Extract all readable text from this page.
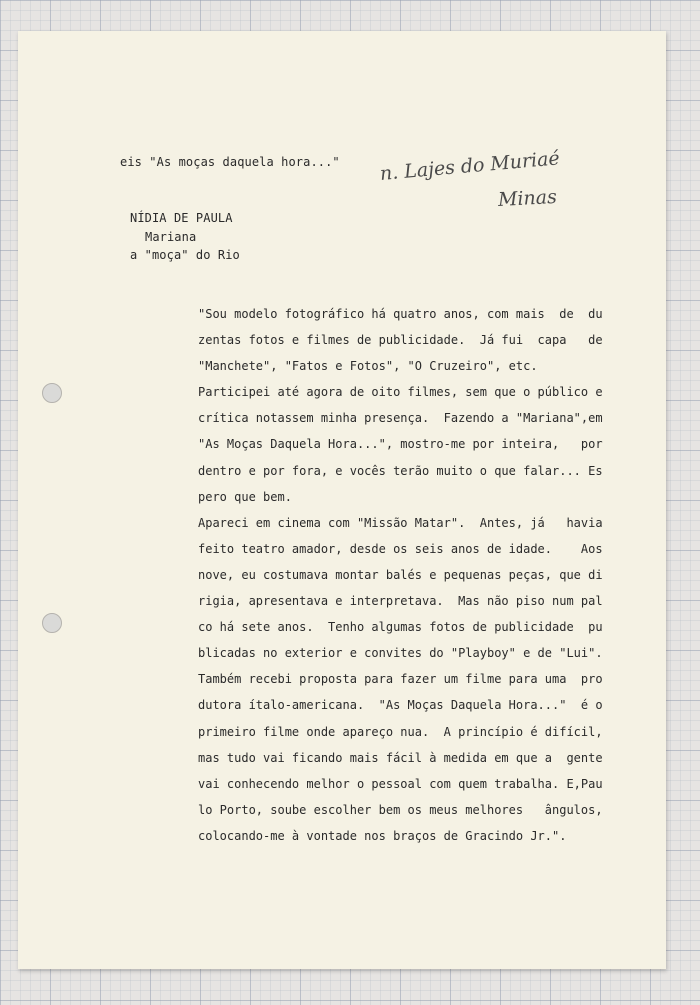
eis "As moças daquela hora..." n. Lajes do Muriaé

Minas

NÍDIA DE PAULA

Mariana

a "moça" do Rio

"Sou modelo fotográfico há quatro anos, com mais  de  du
zentas fotos e filmes de publicidade.  Já fui  capa   de
"Manchete", "Fatos e Fotos", "O Cruzeiro", etc.
Participei até agora de oito filmes, sem que o público e
crítica notassem minha presença.  Fazendo a "Mariana",em
"As Moças Daquela Hora...", mostro-me por inteira,   por
dentro e por fora, e vocês terão muito o que falar... Es
pero que bem.
Apareci em cinema com "Missão Matar".  Antes, já   havia
feito teatro amador, desde os seis anos de idade.    Aos
nove, eu costumava montar balés e pequenas peças, que di
rigia, apresentava e interpretava.  Mas não piso num pal
co há sete anos.  Tenho algumas fotos de publicidade  pu
blicadas no exterior e convites do "Playboy" e de "Lui".
Também recebi proposta para fazer um filme para uma  pro
dutora ítalo-americana.  "As Moças Daquela Hora..."  é o
primeiro filme onde apareço nua.  A princípio é difícil,
mas tudo vai ficando mais fácil à medida em que a  gente
vai conhecendo melhor o pessoal com quem trabalha. E,Pau
lo Porto, soube escolher bem os meus melhores   ângulos,
colocando-me à vontade nos braços de Gracindo Jr.".
